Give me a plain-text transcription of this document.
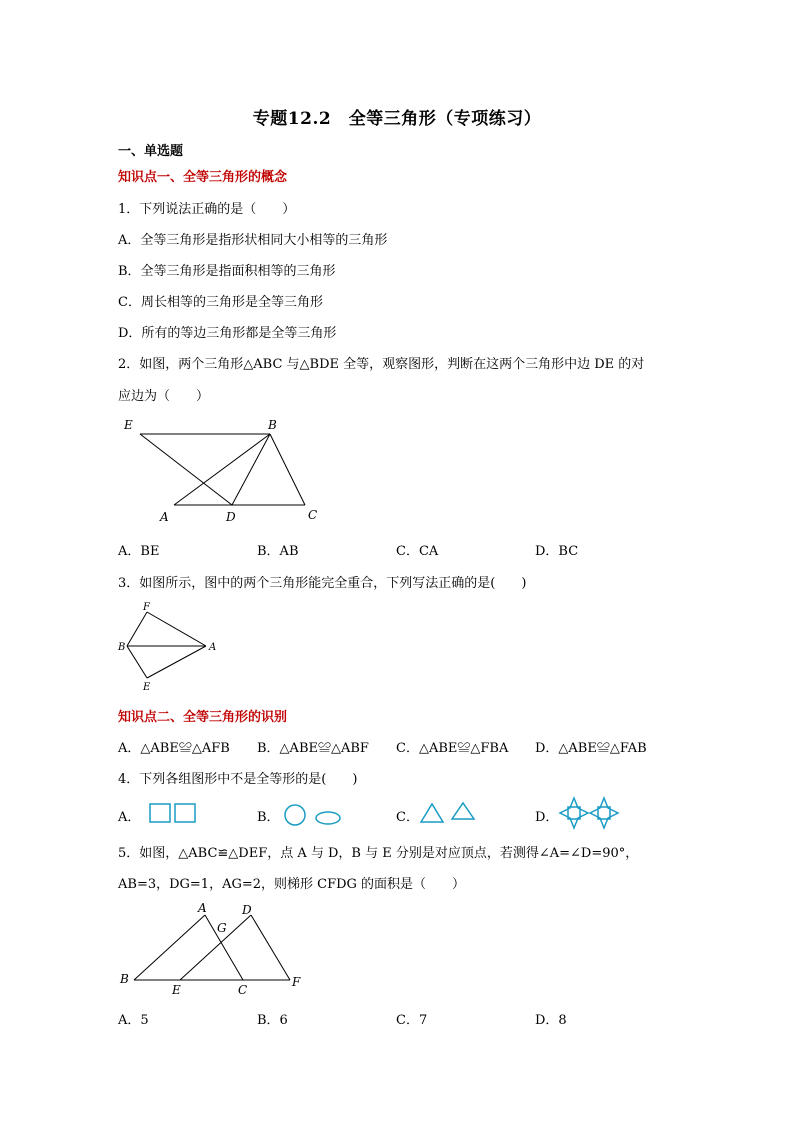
专题12.2　全等三角形（专项练习）
一、单选题
知识点一、全等三角形的概念
1．下列说法正确的是（　　）
A．全等三角形是指形状相同大小相等的三角形
B．全等三角形是指面积相等的三角形
C．周长相等的三角形是全等三角形
D．所有的等边三角形都是全等三角形
2．如图，两个三角形△ABC 与△BDE 全等，观察图形，判断在这两个三角形中边 DE 的对
应边为（　　）
E	B
A	D	C
A．BE	B．AB	C．CA	D．BC
3．如图所示，图中的两个三角形能完全重合，下列写法正确的是(　　)
F
B	A
E
知识点二、全等三角形的识别
A．△ABE≌△AFB B．△ABE≌△ABF C．△ABE≌△FBA D．△ABE≌△FAB
4．下列各组图形中不是全等形的是(　　)
A．	B．	C．	D．
5．如图，△ABC≌△DEF，点 A 与 D，B 与 E 分别是对应顶点，若测得∠A=∠D=90°，
AB=3，DG=1，AG=2，则梯形 CFDG 的面积是（　　）
A	D
G
B
E	C
F
A．5	B．6	C．7	D．8
